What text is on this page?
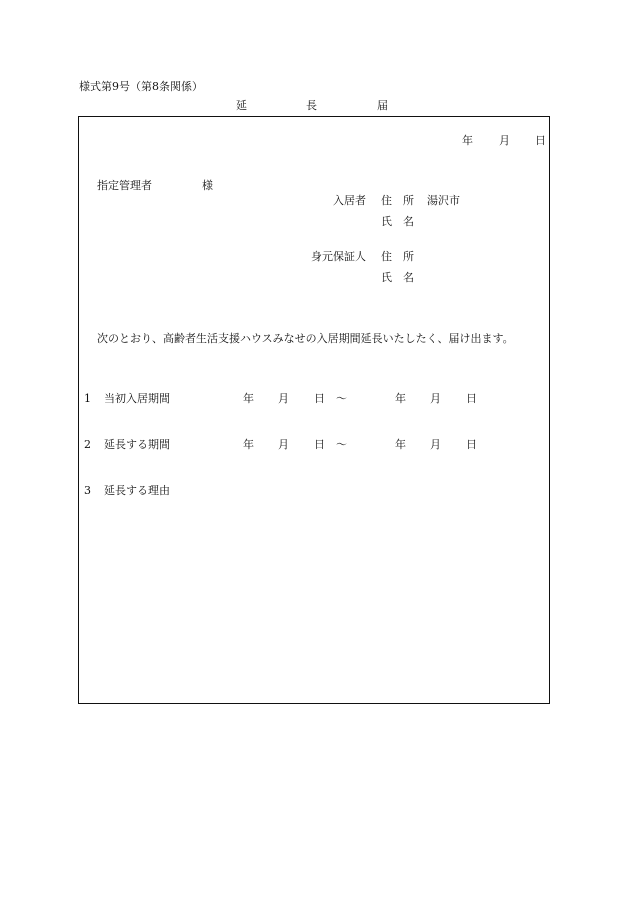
様式第9号（第8条関係）
延	長	届
年 月 日
指定管理者	様
入居者 住　所 湯沢市
氏　名
身元保証人 住　所
氏　名
次のとおり、高齢者生活支援ハウスみなせの入居期間延長いたしたく、届け出ます。
1 当初入居期間	年 月 日 ～	年 月 日
2 延長する期間	年 月 日 ～	年 月 日
3 延長する理由
